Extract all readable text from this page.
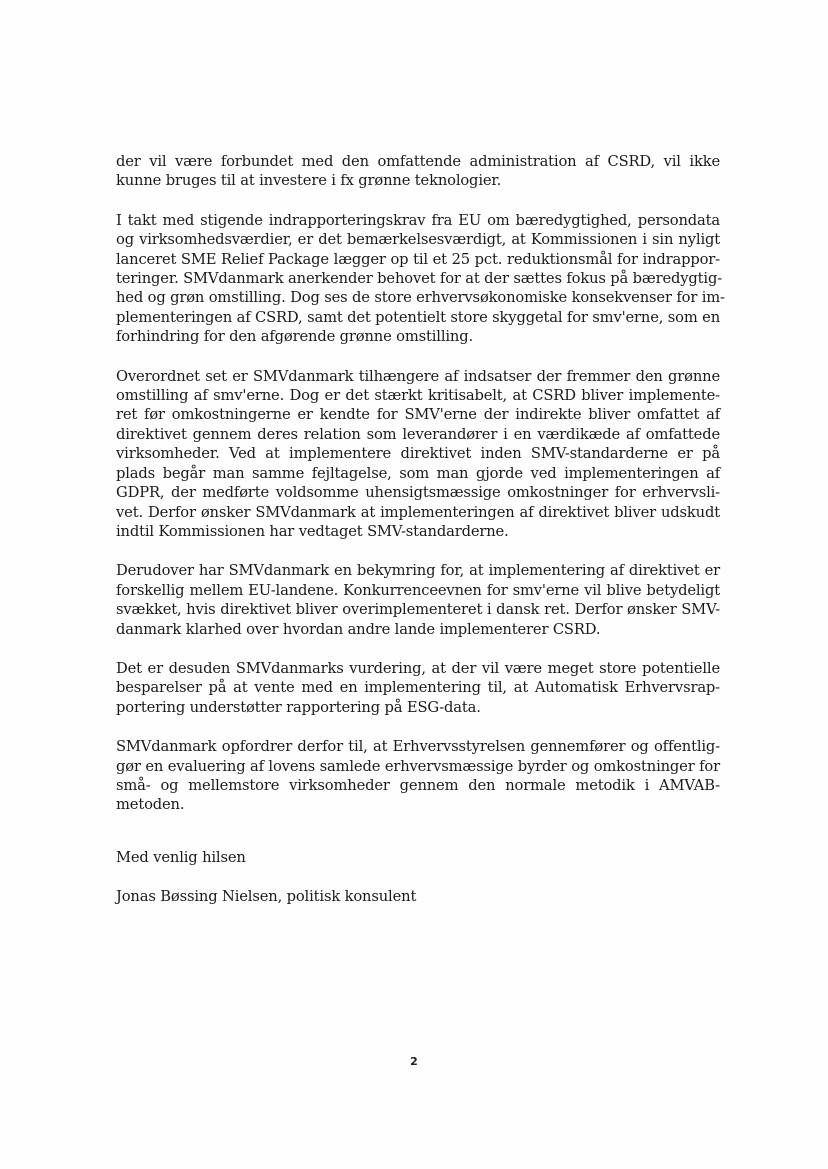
der vil være forbundet med den omfattende administration af CSRD, vil ikke
kunne bruges til at investere i fx grønne teknologier.

I takt med stigende indrapporteringskrav fra EU om bæredygtighed, persondata
og virksomhedsværdier, er det bemærkelsesværdigt, at Kommissionen i sin nyligt
lanceret SME Relief Package lægger op til et 25 pct. reduktionsmål for indrappor-
teringer. SMVdanmark anerkender behovet for at der sættes fokus på bæredygtig-
hed og grøn omstilling. Dog ses de store erhvervsøkonomiske konsekvenser for im-
plementeringen af CSRD, samt det potentielt store skyggetal for smv'erne, som en
forhindring for den afgørende grønne omstilling.

Overordnet set er SMVdanmark tilhængere af indsatser der fremmer den grønne
omstilling af smv'erne. Dog er det stærkt kritisabelt, at CSRD bliver implemente-
ret før omkostningerne er kendte for SMV'erne der indirekte bliver omfattet af
direktivet gennem deres relation som leverandører i en værdikæde af omfattede
virksomheder. Ved at implementere direktivet inden SMV-standarderne er på
plads begår man samme fejltagelse, som man gjorde ved implementeringen af
GDPR, der medførte voldsomme uhensigtsmæssige omkostninger for erhvervsli-
vet. Derfor ønsker SMVdanmark at implementeringen af direktivet bliver udskudt
indtil Kommissionen har vedtaget SMV-standarderne.

Derudover har SMVdanmark en bekymring for, at implementering af direktivet er
forskellig mellem EU-landene. Konkurrenceevnen for smv'erne vil blive betydeligt
svækket, hvis direktivet bliver overimplementeret i dansk ret. Derfor ønsker SMV-
danmark klarhed over hvordan andre lande implementerer CSRD.

Det er desuden SMVdanmarks vurdering, at der vil være meget store potentielle
besparelser på at vente med en implementering til, at Automatisk Erhvervsrap-
portering understøtter rapportering på ESG-data.

SMVdanmark opfordrer derfor til, at Erhvervsstyrelsen gennemfører og offentlig-
gør en evaluering af lovens samlede erhvervsmæssige byrder og omkostninger for
små- og mellemstore virksomheder gennem den normale metodik i AMVAB-
metoden.

Med venlig hilsen
Jonas Bøssing Nielsen, politisk konsulent
2
